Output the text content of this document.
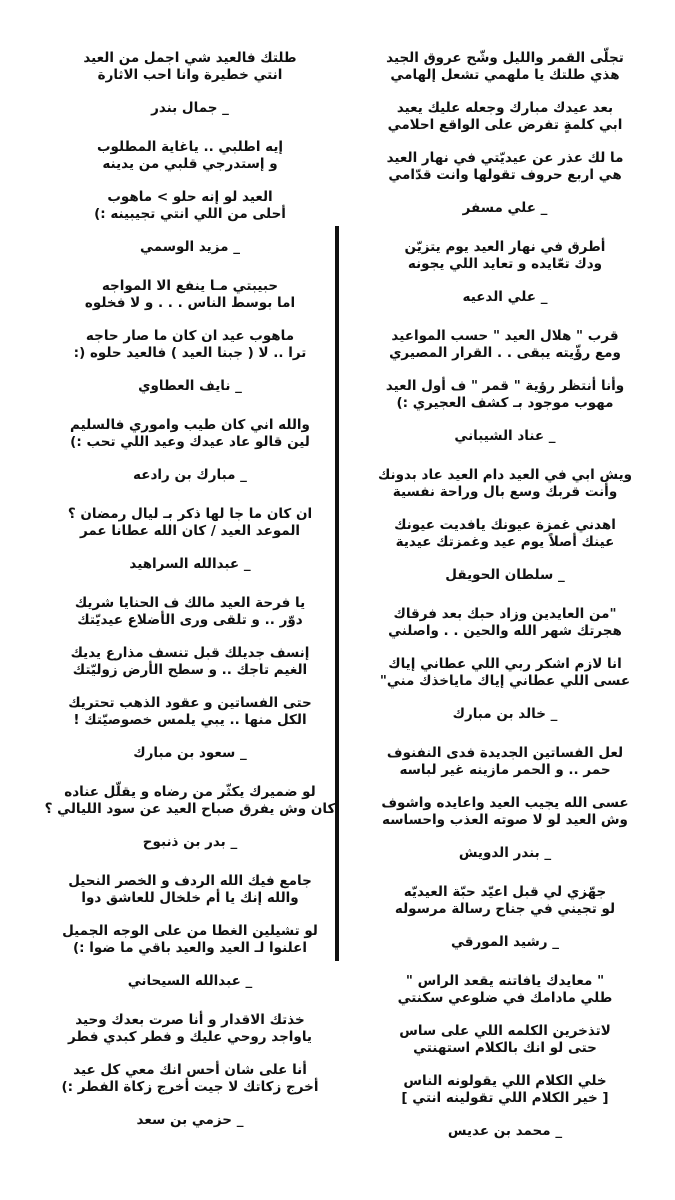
تجلّى القمر والليل وشّح عروق الجيد
هذي طلتك يا ملهمي تشعل إلهامي
بعد عيدك مبارك وجعله عليك يعيد
ابي كلمةٍ تفرض على الواقع احلامي
ما لك عذر عن عيديّتي في نهار العيد
هي اربع حروف تقولها وانت قدّامي
_ علي مسفر
أطرق في نهار العيد يوم يتزيّن
ودك تعّايده و تعايد اللي يجونه
_ علي الدعيه
قرب " هلال العيد " حسب المواعيد
ومع رؤّيته يبقى . . القرار المصيري
وأنا أنتظر رؤية " قمر " ف أول العيد
مهوب موجود بـ كشف العجيري :)
_ عناد الشيباني
ويش ابي في العيد دام العيد عاد بدونك
وأنت قربك وسع بال وراحة نفسية
اهدني غمزة عيونك يافديت عيونك
عينك أصلاً يوم عيد وغمزتك عيدية
_ سلطان الحويقل
"من العايدين وزاد حبك بعد فرقاك
هجرتك شهر الله والحين . . واصلني
انا لازم اشكر ربي اللي عطاني إياك
عسى اللي عطاني إياك ماياخذك مني"
_ خالد بن مبارك
لعل الفساتين الجديدة فدى النفنوف
حمر .. و الحمر مازينه غير لباسه
عسى الله يجيب العيد واعايده واشوف
وش العيد لو لا صوته العذب واحساسه
_ بندر الدويش
جهّزي لي قبل اعيّد حبّة العيديّه
لو تجيني في جناح رسالة مرسوله
_ رشيد المورقي
" معايدك يافاتنه يقعد الراس "
طلي مادامك في ضلوعي سكنتي
لاتذخرين الكلمه اللي على ساس
حتى لو انك بالكلام استهنتي
خلي الكلام اللي يقولونه الناس
[ خير الكلام اللي تقولينه انتي ]
_ محمد بن عديس
طلتك فالعيد شي اجمل من العيد
انتي خطيرة وانا احب الاثارة
_ جمال بندر
إيه اطلبي .. ياغاية المطلوب
و إستدرجي قلبي من يدينه
العيد لو إنه حلو > ماهوب
أحلى من اللي انتي تجيبينه :)
_ مزيد الوسمي
حبيبتي مـا ينفع الا المواجه
اما بوسط الناس . . . و لا فخلوه
ماهوب عيد ان كان ما صار حاجه
ترا .. لا ( جبنا العيد ) فالعيد حلوه (:
_ نايف العطاوي
والله اني كان طيب واموري فالسليم
لين قالو عاد عيدك وعيد اللي تحب :)
_ مبارك بن رادعه
ان كان ما جا لها ذكر بـ ليال رمضان ؟
الموعد العيد / كان الله عطانا عمر
_ عبدالله السراهيد
يا فرحة العيد مالك ف الحنايا شريك
دوّر .. و تلقى ورى الأضلاع عيديّتك
إنسف جديلك قبل تنسف مذارع يديك
الغيم تاجك .. و سطح الأرض زوليّتك
حتى الفساتين و عقود الذهب تحتريك
الكل منها .. يبي يلمس خصوصيّتك !
_ سعود بن مبارك
لو ضميرك يكثّر من رضاه و يقلّل عناده
كان وش يفرق صباح العيد عن سود الليالي ؟
_ بدر بن ذنبوح
جامع فيك الله الردف و الخصر النحيل
والله إنك يا أم خلخال للعاشق دوا
لو تشيلين الغطا من على الوجه الجميل
اعلنوا لـ العيد والعيد باقي ما ضوا :)
_ عبدالله السيحاني
خذتك الاقدار و أنا صرت بعدك وحيد
ياواجد روحي عليك و فطر كبدي فطر
أنا على شان أحس انك معي كل عيد
أخرج زكاتك لا جيت أخرج زكاة الفطر :)
_ حزمي بن سعد
